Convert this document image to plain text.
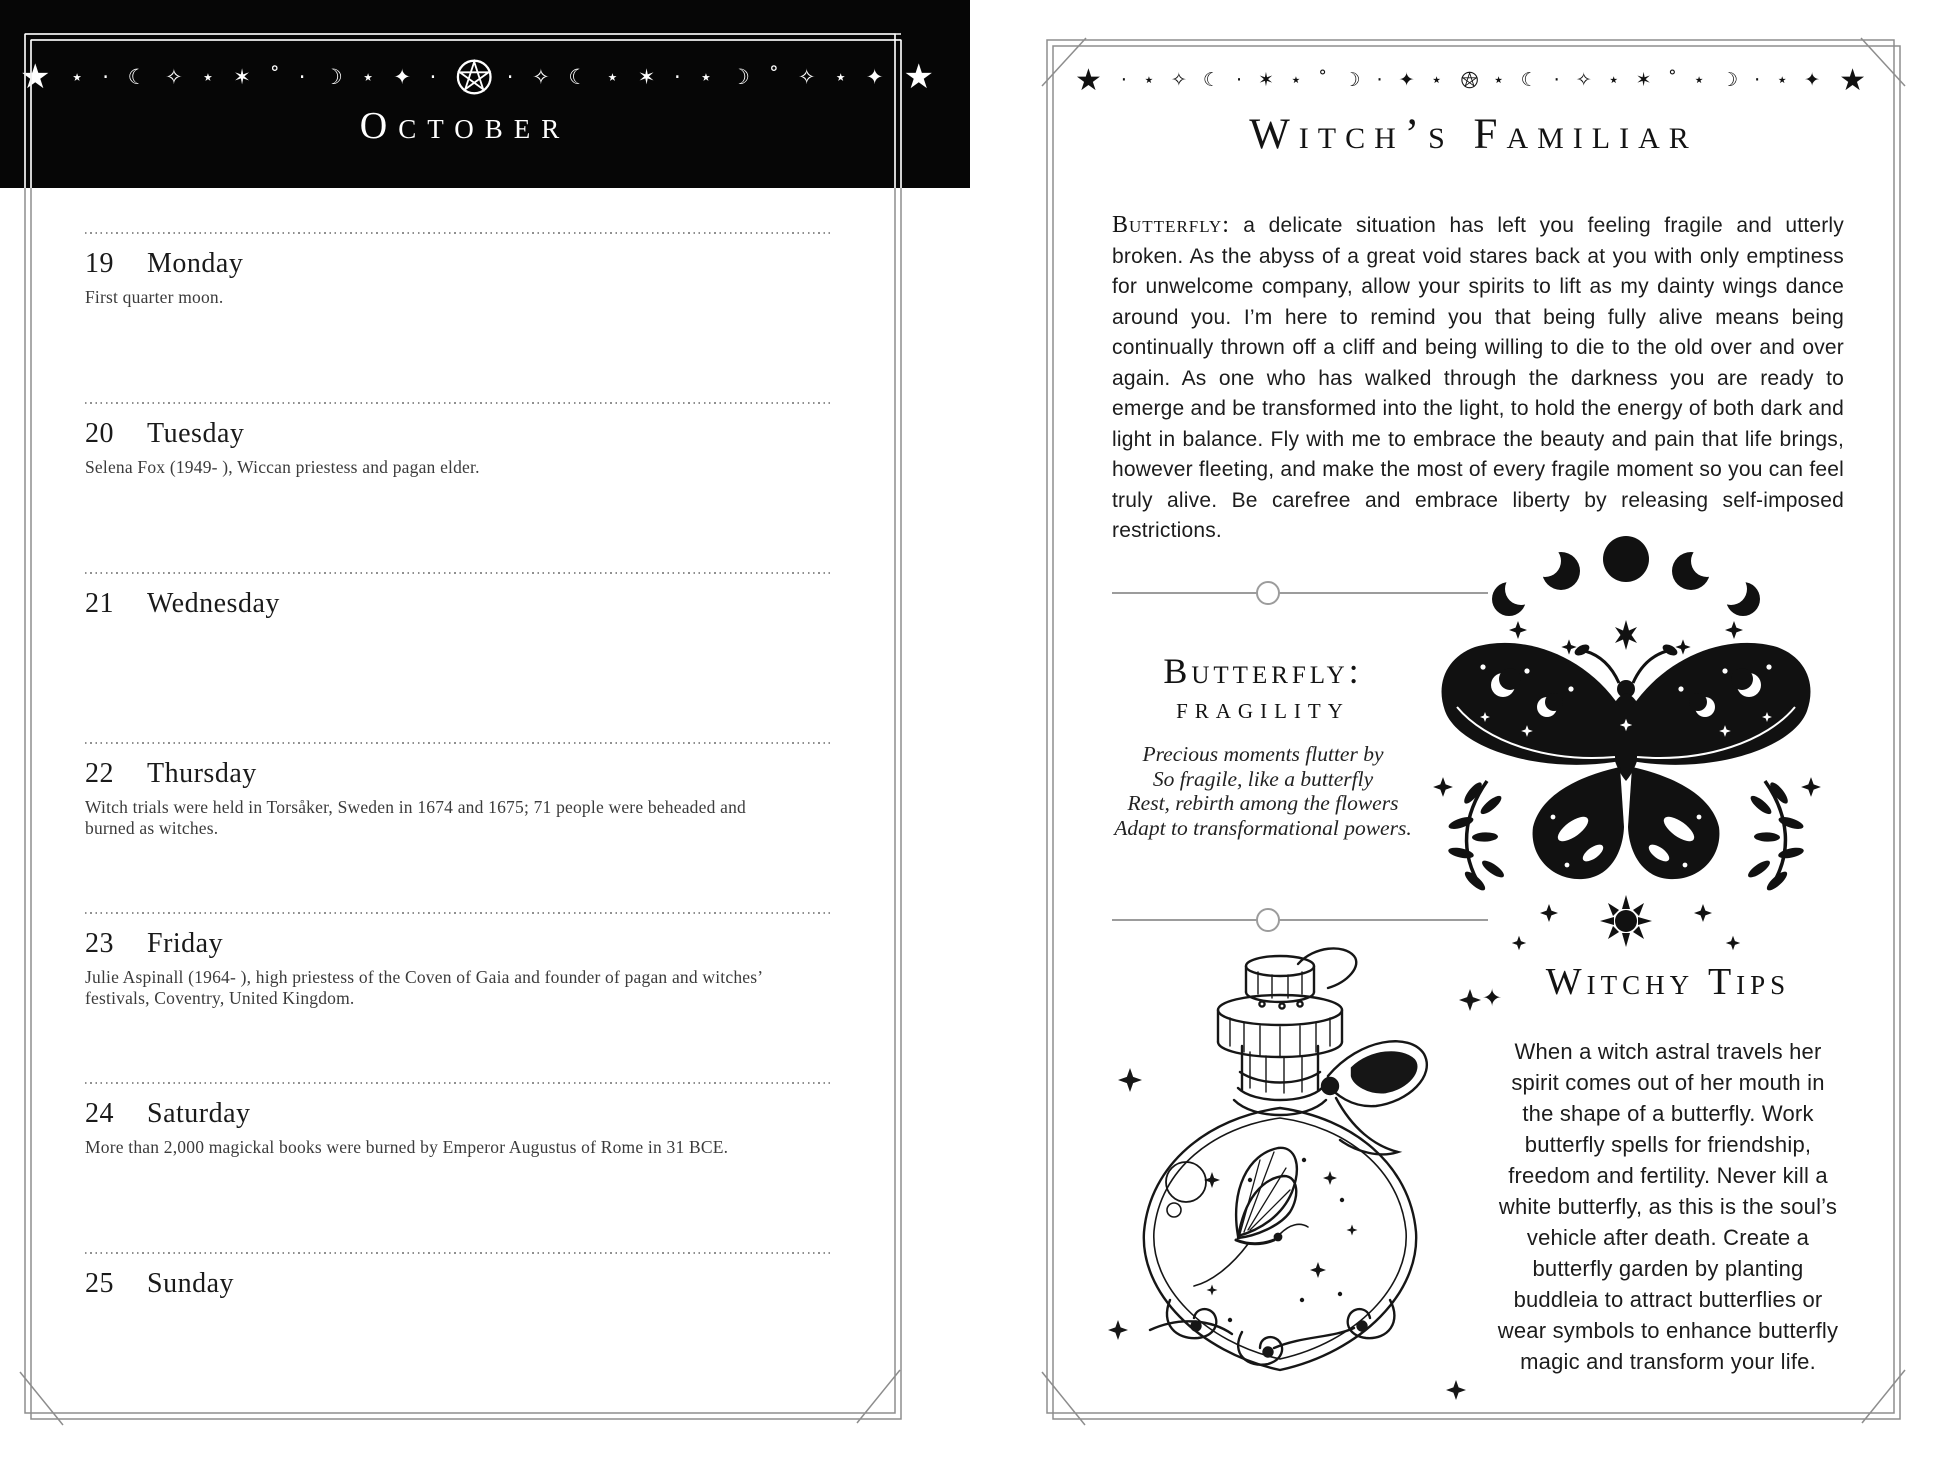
★ ⋆ · ☾ ✧ ⋆ ✶ ˚ · ☽ ⋆ ✦ ·	· ✧ ☾ ⋆ ✶ · ⋆ ☽ ˚ ✧ ⋆ ✦ ★
October
19 Monday
First quarter moon.
20 Tuesday
Selena Fox (1949- ), Wiccan priestess and pagan elder.
21 Wednesday
22 Thursday
Witch trials were held in Torsåker, Sweden in 1674 and 1675; 71 people were beheaded and burned as witches.
23 Friday
Julie Aspinall (1964- ), high priestess of the Coven of Gaia and founder of pagan and witches’ festivals, Coventry, United Kingdom.
24 Saturday
More than 2,000 magickal books were burned by Emperor Augustus of Rome in 31 BCE.
25 Sunday
★ · ⋆ ✧ ☾ · ✶ ⋆ ˚ ☽ · ✦ ⋆ ⋆ ☾ · ✧ ⋆ ✶ ˚ ⋆ ☽ · ⋆ ✦ ★
Witch’s Familiar
Butterfly: a delicate situation has left you feeling fragile and utterly broken. As the abyss of a great void stares back at you with only emptiness for unwelcome company, allow your spirits to lift as my dainty wings dance around you. I’m here to remind you that being fully alive means being continually thrown off a cliff and being willing to die to the old over and over again. As one who has walked through the darkness you are ready to emerge and be transformed into the light, to hold the energy of both dark and light in balance. Fly with me to embrace the beauty and pain that life brings, however fleeting, and make the most of every fragile moment so you can feel truly alive. Be carefree and embrace liberty by releasing self-imposed restrictions.
Butterfly:
fragility
Precious moments flutter by
So fragile, like a butterfly
Rest, rebirth among the flowers
Adapt to transformational powers.
✦	Witchy Tips
When a witch astral travels her spirit comes out of her mouth in the shape of a butterfly. Work butterfly spells for friendship, freedom and fertility. Never kill a white butterfly, as this is the soul’s vehicle after death. Create a butterfly garden by planting buddleia to attract butterflies or wear symbols to enhance butterfly magic and transform your life.
